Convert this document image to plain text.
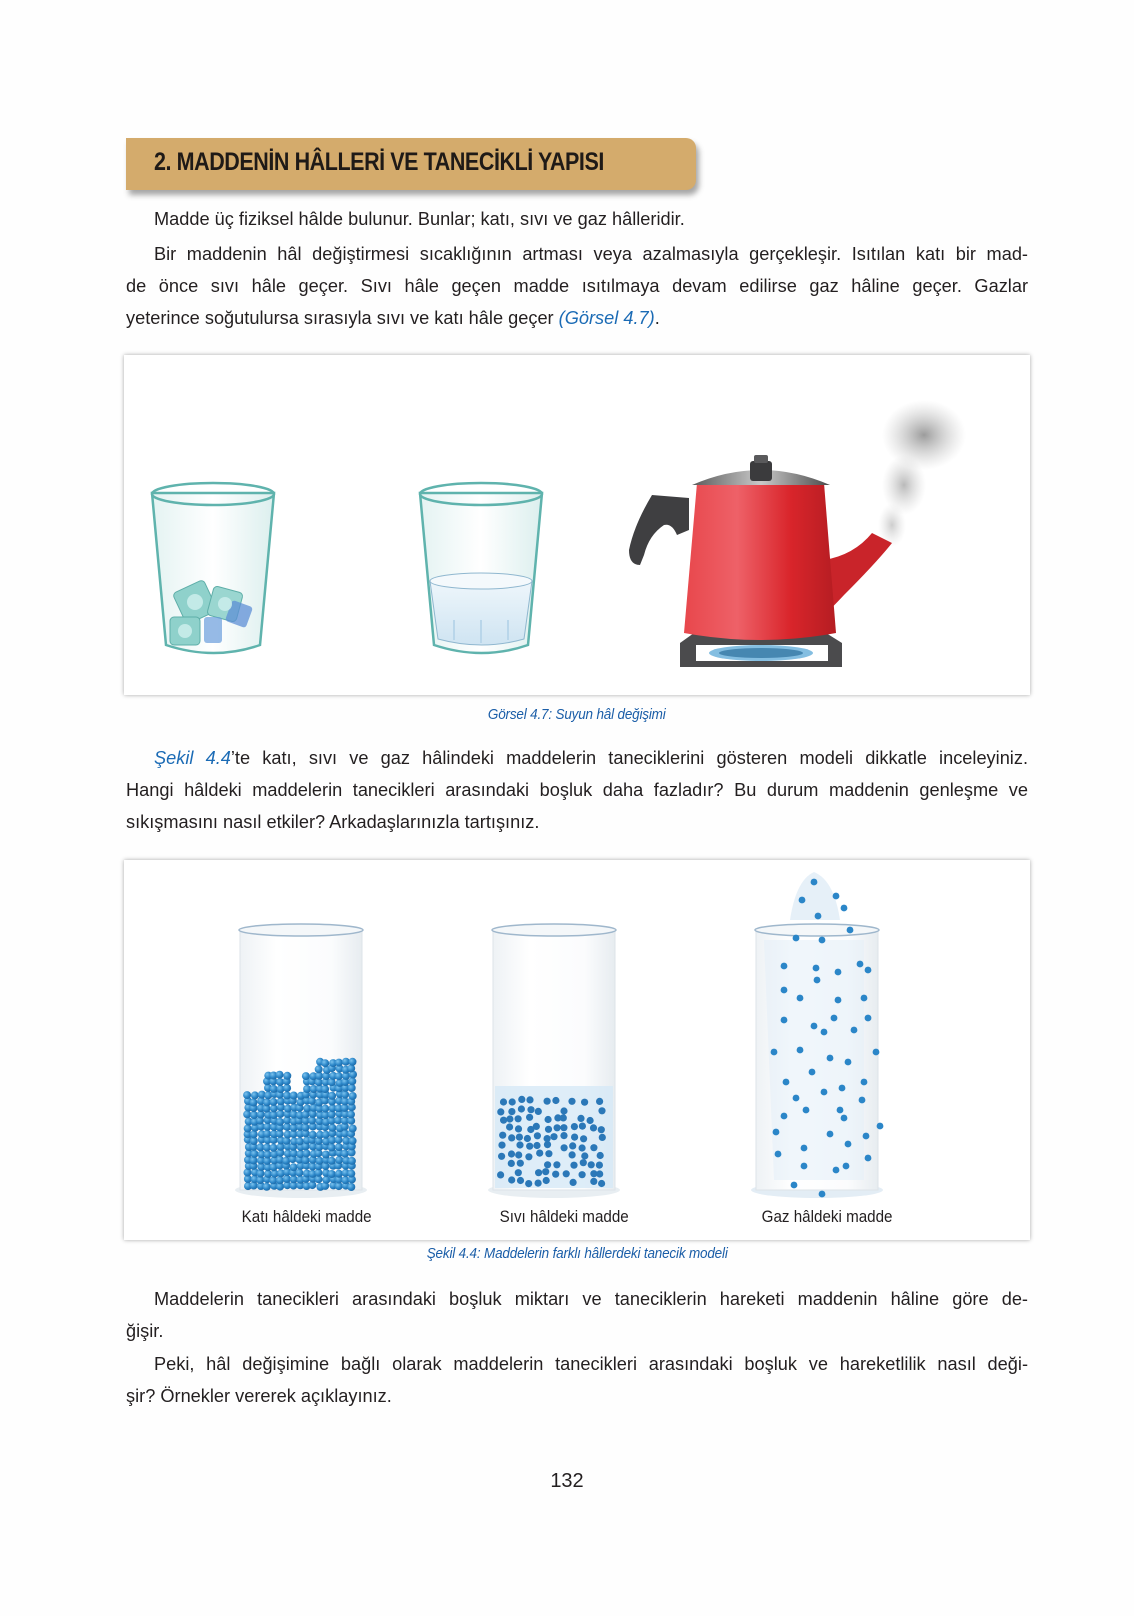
2. MADDENİN HÂLLERİ VE TANECİKLİ YAPISI
Madde üç fiziksel hâlde bulunur. Bunlar; katı, sıvı ve gaz hâlleridir.
Bir maddenin hâl değiştirmesi sıcaklığının artması veya azalmasıyla gerçekleşir. Isıtılan katı bir mad-
de önce sıvı hâle geçer. Sıvı hâle geçen madde ısıtılmaya devam edilirse gaz hâline geçer. Gazlar
yeterince soğutulursa sırasıyla sıvı ve katı hâle geçer (Görsel 4.7).
Görsel 4.7: Suyun hâl değişimi
Şekil 4.4’te katı, sıvı ve gaz hâlindeki maddelerin taneciklerini gösteren modeli dikkatle inceleyiniz.
Hangi hâldeki maddelerin tanecikleri arasındaki boşluk daha fazladır? Bu durum maddenin genleşme ve
sıkışmasını nasıl etkiler? Arkadaşlarınızla tartışınız.
Katı hâldeki madde	Sıvı hâldeki madde	Gaz hâldeki madde
Şekil 4.4: Maddelerin farklı hâllerdeki tanecik modeli
Maddelerin tanecikleri arasındaki boşluk miktarı ve taneciklerin hareketi maddenin hâline göre de-
ğişir.
Peki, hâl değişimine bağlı olarak maddelerin tanecikleri arasındaki boşluk ve hareketlilik nasıl deği-
şir? Örnekler vererek açıklayınız.
132
